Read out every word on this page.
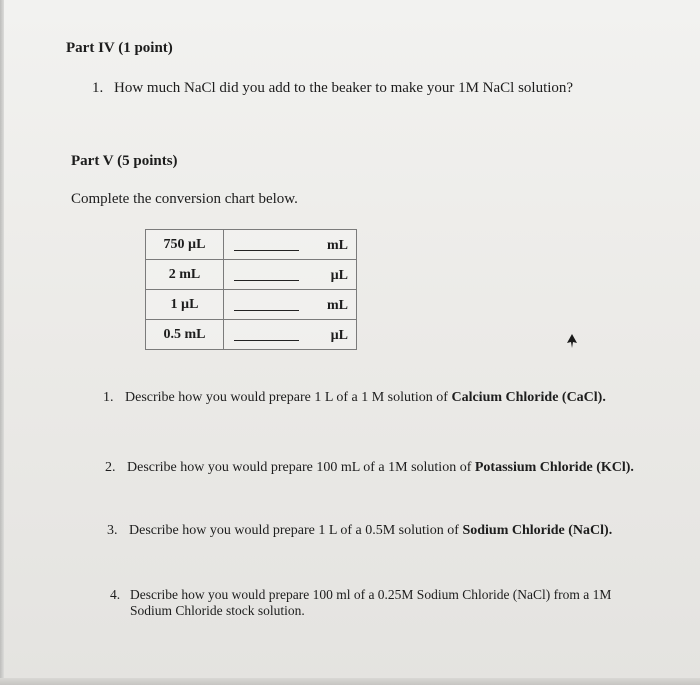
Part IV (1 point)
1. How much NaCl did you add to the beaker to make your 1M NaCl solution?
Part V (5 points)
Complete the conversion chart below.
750 µL	mL

2 mL	µL

1 µL	mL

0.5 mL	µL
1. Describe how you would prepare 1 L of a 1 M solution of Calcium Chloride (CaCl).
2. Describe how you would prepare 100 mL of a 1M solution of Potassium Chloride (KCl).
3. Describe how you would prepare 1 L of a 0.5M solution of Sodium Chloride (NaCl).
4. Describe how you would prepare 100 ml of a 0.25M Sodium Chloride (NaCl) from a 1M
Sodium Chloride stock solution.
